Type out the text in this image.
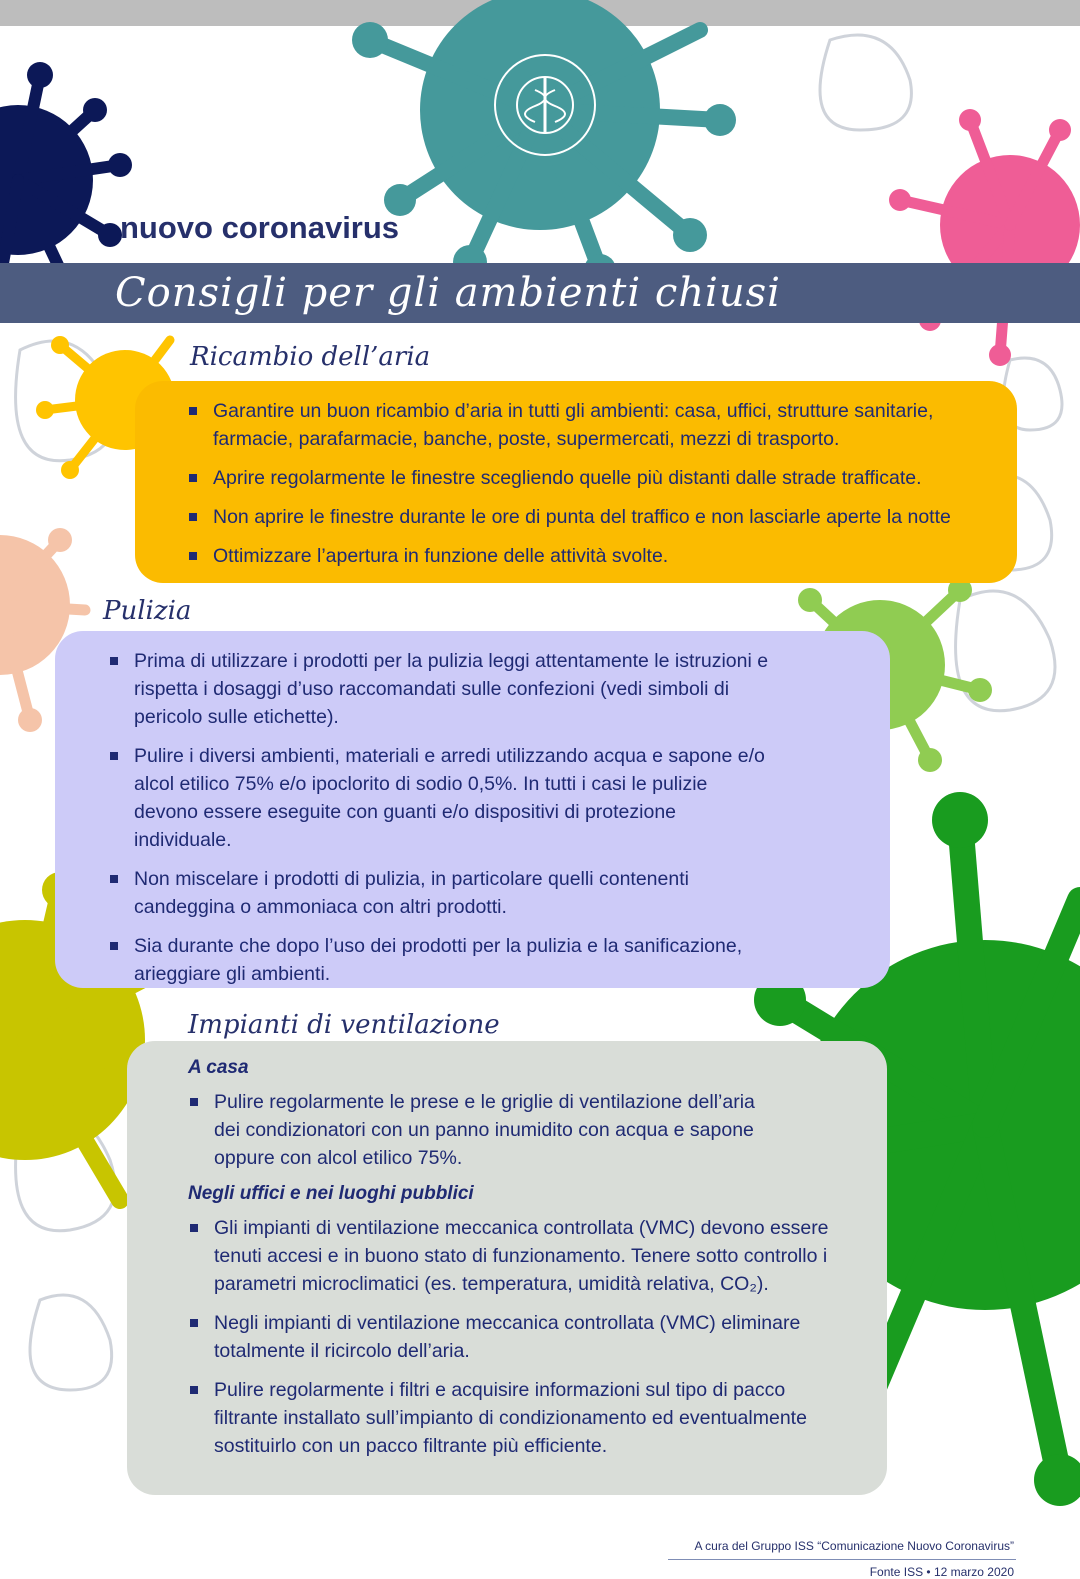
nuovo coronavirus
Consigli per gli ambienti chiusi
Ricambio dell’aria
Garantire un buon ricambio d’aria in tutti gli ambienti: casa, uffici, strutture sanitarie, farmacie, parafarmacie, banche, poste, supermercati, mezzi di trasporto.
Aprire regolarmente le finestre scegliendo quelle più distanti dalle strade trafficate.
Non aprire le finestre durante le ore di punta del traffico e non lasciarle aperte la notte
Ottimizzare l’apertura in funzione delle attività svolte.
Pulizia
Prima di utilizzare i prodotti per la pulizia leggi attentamente le istruzioni e rispetta i dosaggi d’uso raccomandati sulle confezioni (vedi simboli di pericolo sulle etichette).
Pulire i diversi ambienti, materiali e arredi utilizzando acqua e sapone e/o alcol etilico 75% e/o ipoclorito di sodio 0,5%. In tutti i casi le pulizie devono essere eseguite con guanti e/o dispositivi di protezione individuale.
Non miscelare i prodotti di pulizia, in particolare quelli contenenti candeggina o ammoniaca con altri prodotti.
Sia durante che dopo l’uso dei prodotti per la pulizia e la sanificazione, arieggiare gli ambienti.
Impianti di ventilazione
A casa
Pulire regolarmente le prese e le griglie di ventilazione dell’aria dei condizionatori con un panno inumidito con acqua e sapone oppure con alcol etilico 75%.
Negli uffici e nei luoghi pubblici
Gli impianti di ventilazione meccanica controllata (VMC) devono essere tenuti accesi e in buono stato di funzionamento. Tenere sotto controllo i parametri microclimatici (es. temperatura, umidità relativa, CO₂).
Negli impianti di ventilazione meccanica controllata (VMC) eliminare totalmente il ricircolo dell’aria.
Pulire regolarmente i filtri e acquisire informazioni sul tipo di pacco filtrante installato sull’impianto di condizionamento ed eventualmente sostituirlo con un pacco filtrante più efficiente.
A cura del Gruppo ISS “Comunicazione Nuovo Coronavirus”
Fonte ISS • 12 marzo 2020
